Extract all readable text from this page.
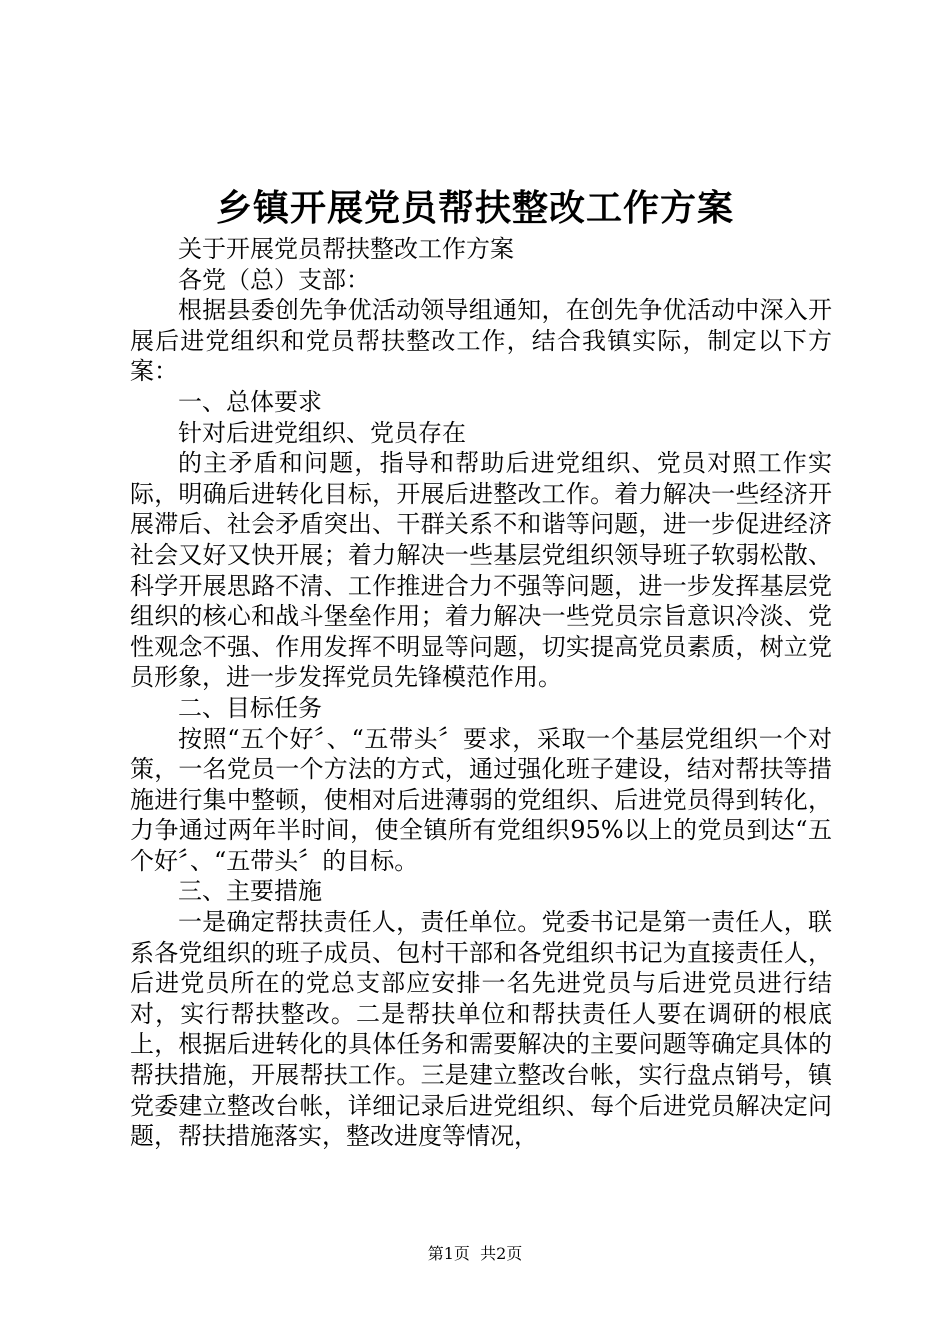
乡镇开展党员帮扶整改工作方案

关于开展党员帮扶整改工作方案

各党（总）支部：

根据县委创先争优活动领导组通知，在创先争优活动中深入开展后进党组织和党员帮扶整改工作，结合我镇实际，制定以下方案：

一、总体要求

针对后进党组织、党员存在

的主矛盾和问题，指导和帮助后进党组织、党员对照工作实际，明确后进转化目标，开展后进整改工作。着力解决一些经济开展滞后、社会矛盾突出、干群关系不和谐等问题，进一步促进经济社会又好又快开展；着力解决一些基层党组织领导班子软弱松散、科学开展思路不清、工作推进合力不强等问题，进一步发挥基层党组织的核心和战斗堡垒作用；着力解决一些党员宗旨意识冷淡、党性观念不强、作用发挥不明显等问题，切实提高党员素质，树立党员形象，进一步发挥党员先锋模范作用。

二、目标任务

按照“五个好〞、“五带头〞要求，采取一个基层党组织一个对策，一名党员一个方法的方式，通过强化班子建设，结对帮扶等措施进行集中整顿，使相对后进薄弱的党组织、后进党员得到转化，力争通过两年半时间，使全镇所有党组织95%以上的党员到达“五个好〞、“五带头〞的目标。

三、主要措施

一是确定帮扶责任人，责任单位。党委书记是第一责任人，联系各党组织的班子成员、包村干部和各党组织书记为直接责任人，后进党员所在的党总支部应安排一名先进党员与后进党员进行结对，实行帮扶整改。二是帮扶单位和帮扶责任人要在调研的根底上，根据后进转化的具体任务和需要解决的主要问题等确定具体的帮扶措施，开展帮扶工作。三是建立整改台帐，实行盘点销号，镇党委建立整改台帐，详细记录后进党组织、每个后进党员解决定问题，帮扶措施落实，整改进度等情况，

第1页  共2页
